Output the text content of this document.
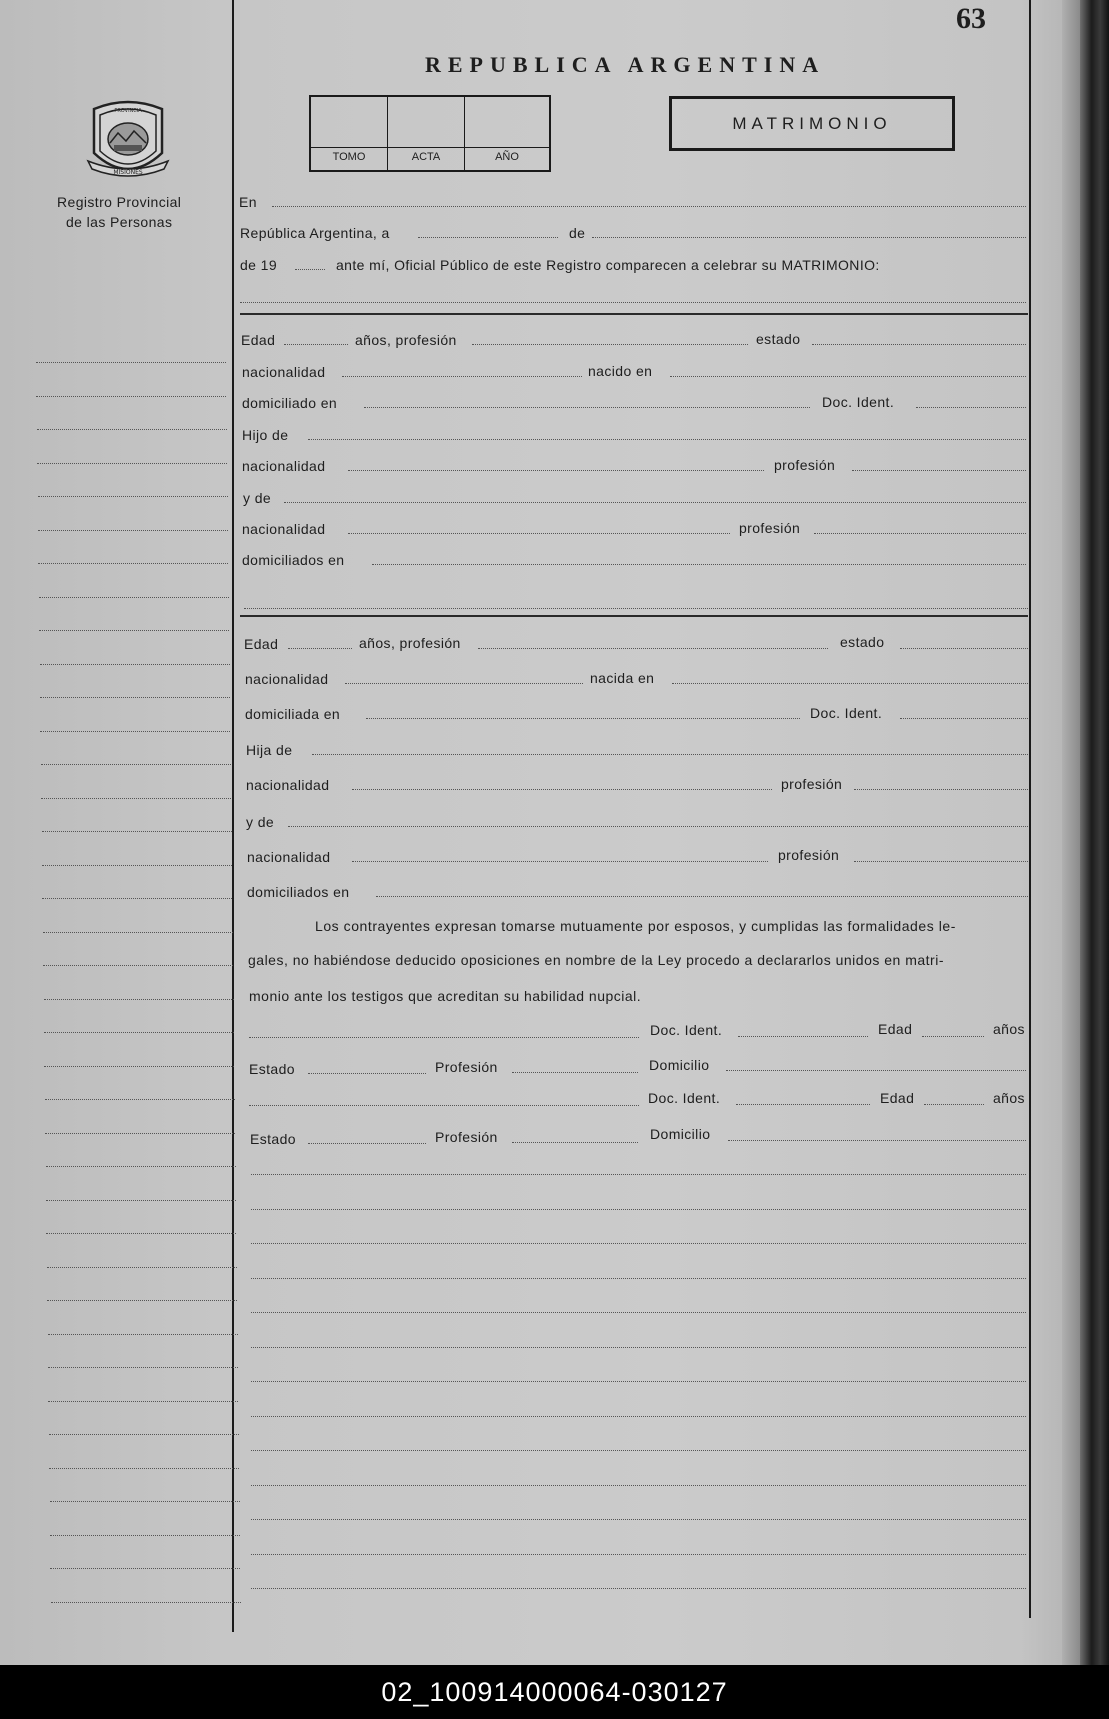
63
REPUBLICA ARGENTINA
TOMO	ACTA	AÑO
MATRIMONIO
PROVINCIA
MISIONES
Registro Provincial
de las Personas
En
República Argentina, a	de
de 19	ante mí, Oficial Público de este Registro comparecen a celebrar su MATRIMONIO:
Edad	años, profesión	estado
nacionalidad	nacido en
domiciliado en	Doc. Ident.
Hijo de
nacionalidad	profesión
y de
nacionalidad	profesión
domiciliados en
Edad	años, profesión	estado
nacionalidad	nacida en
domiciliada en	Doc. Ident.
Hija de
nacionalidad	profesión
y de
nacionalidad	profesión
domiciliados en
Los contrayentes expresan tomarse mutuamente por esposos, y cumplidas las formalidades le-
gales, no habiéndose deducido oposiciones en nombre de la Ley procedo a declararlos unidos en matri-
monio ante los testigos que acreditan su habilidad nupcial.
Doc. Ident.	Edad	años
Estado	Profesión	Domicilio
Doc. Ident.	Edad	años
Estado	Profesión	Domicilio
02_100914000064-030127
